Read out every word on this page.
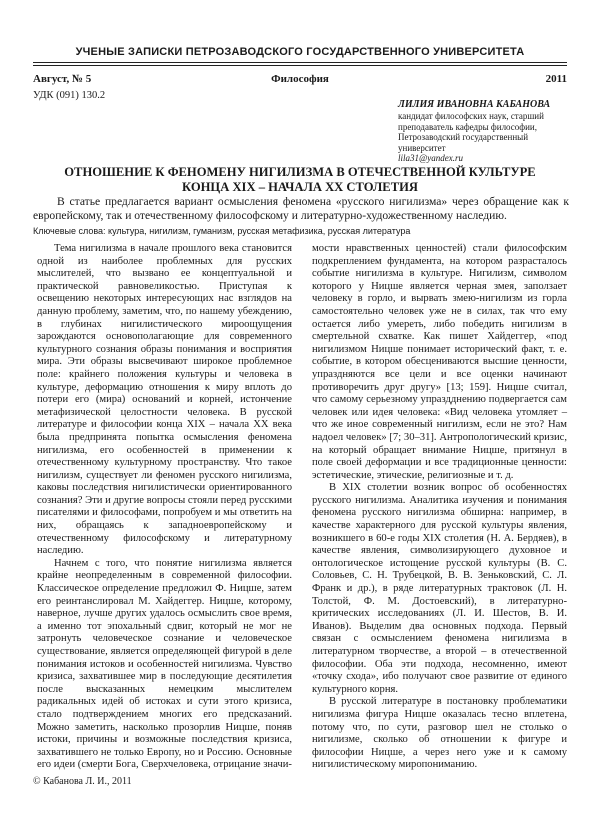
УЧЕНЫЕ ЗАПИСКИ ПЕТРОЗАВОДСКОГО ГОСУДАРСТВЕННОГО УНИВЕРСИТЕТА
Август, № 5	Философия	2011
УДК (091) 130.2
ЛИЛИЯ ИВАНОВНА КАБАНОВА
кандидат философских наук, старший преподаватель кафедры философии, Петрозаводский государственный университет
lila31@yandex.ru
ОТНОШЕНИЕ К ФЕНОМЕНУ НИГИЛИЗМА В ОТЕЧЕСТВЕННОЙ КУЛЬТУРЕ
КОНЦА XIX – НАЧАЛА XX СТОЛЕТИЯ
В статье предлагается вариант осмысления феномена «русского нигилизма» через обращение как к европейскому, так и отечественному философскому и литературно-художественному наследию.
Ключевые слова: культура, нигилизм, гуманизм, русская метафизика, русская литература

Тема нигилизма в начале прошлого века становится одной из наиболее проблемных для русских мыслителей, что вызвано ее концептуальной и практической равновеликостью. Приступая к освещению некоторых интересующих нас взглядов на данную проблему, заметим, что, по нашему убеждению, в глубинах нигилистического мироощущения зарождаются основополагающие для современного культурного сознания образы понимания и восприятия мира. Эти образы высвечивают широкое проблемное поле: крайнего положения культуры и человека в культуре, деформацию отношения к миру вплоть до потери его (мира) оснований и корней, истончение метафизической целостности человека. В русской литературе и философии конца XIX – начала XX века была предпринята попытка осмысления феномена нигилизма, его особенностей в применении к отечественному культурному пространству. Что такое нигилизм, существует ли феномен русского нигилизма, каковы последствия нигилистически ориентированного сознания? Эти и другие вопросы стояли перед русскими писателями и философами, попробуем и мы ответить на них, обращаясь к западноевропейскому и отечественному философскому и литературному наследию.

Начнем с того, что понятие нигилизма является крайне неопределенным в современной философии. Классическое определение предложил Ф. Ницше, затем его реинтанслировал М. Хайдеггер. Ницше, которому, наверное, лучше других удалось осмыслить свое время, а именно тот эпохальный сдвиг, который не мог не затронуть человеческое сознание и человеческое существование, является определяющей фигурой в деле понимания истоков и особенностей нигилизма. Чувство кризиса, захватившее мир в последующие десятилетия после высказанных немецким мыслителем радикальных идей об истоках и сути этого кризиса, стало подтверждением многих его предсказаний. Можно заметить, насколько прозорлив Ницше, поняв истоки, причины и возможные последствия кризиса, захватившего не только Европу, но и Россию. Основные его идеи (смерти Бога, Сверхчеловека, отрицание значи-

мости нравственных ценностей) стали философским подкреплением фундамента, на котором разрасталось событие нигилизма в культуре. Нигилизм, символом которого у Ницше является черная змея, заползает человеку в горло, и вырвать змею-нигилизм из горла самостоятельно человек уже не в силах, так что ему остается либо умереть, либо победить нигилизм в смертельной схватке. Как пишет Хайдеггер, «под нигилизмом Ницше понимает исторический факт, т. е. событие, в котором обесцениваются высшие ценности, упраздняются все цели и все оценки начинают противоречить друг другу» [13; 159]. Ницше считал, что самому серьезному упраздднению подвергается сам человек или идея человека: «Вид человека утомляет – что же иное современный нигилизм, если не это? Нам надоел человек» [7; 30–31]. Антропологический кризис, на который обращает внимание Ницше, притянул в поле своей деформации и все традиционные ценности: эстетические, этические, религиозные и т. д.

В XIX столетии возник вопрос об особенностях русского нигилизма. Аналитика изучения и понимания феномена русского нигилизма обширна: например, в качестве характерного для русской культуры явления, возникшего в 60-е годы XIX столетия (Н. А. Бердяев), в качестве явления, символизирующего духовное и онтологическое истощение русской культуры (В. С. Соловьев, С. Н. Трубецкой, В. В. Зеньковский, С. Л. Франк и др.), в ряде литературных трактовок (Л. Н. Толстой, Ф. М. Достоевский), в литературно-критических исследованиях (Л. И. Шестов, В. И. Иванов). Выделим два основных подхода. Первый связан с осмыслением феномена нигилизма в литературном творчестве, а второй – в отечественной философии. Оба эти подхода, несомненно, имеют «точку схода», ибо получают свое развитие от единого культурного корня.

В русской литературе в постановку проблематики нигилизма фигура Ницше оказалась тесно вплетена, потому что, по сути, разговор шел не столько о нигилизме, сколько об отношении к фигуре и философии Ницше, а через него уже и к самому нигилистическому миропониманию.

© Кабанова Л. И., 2011
